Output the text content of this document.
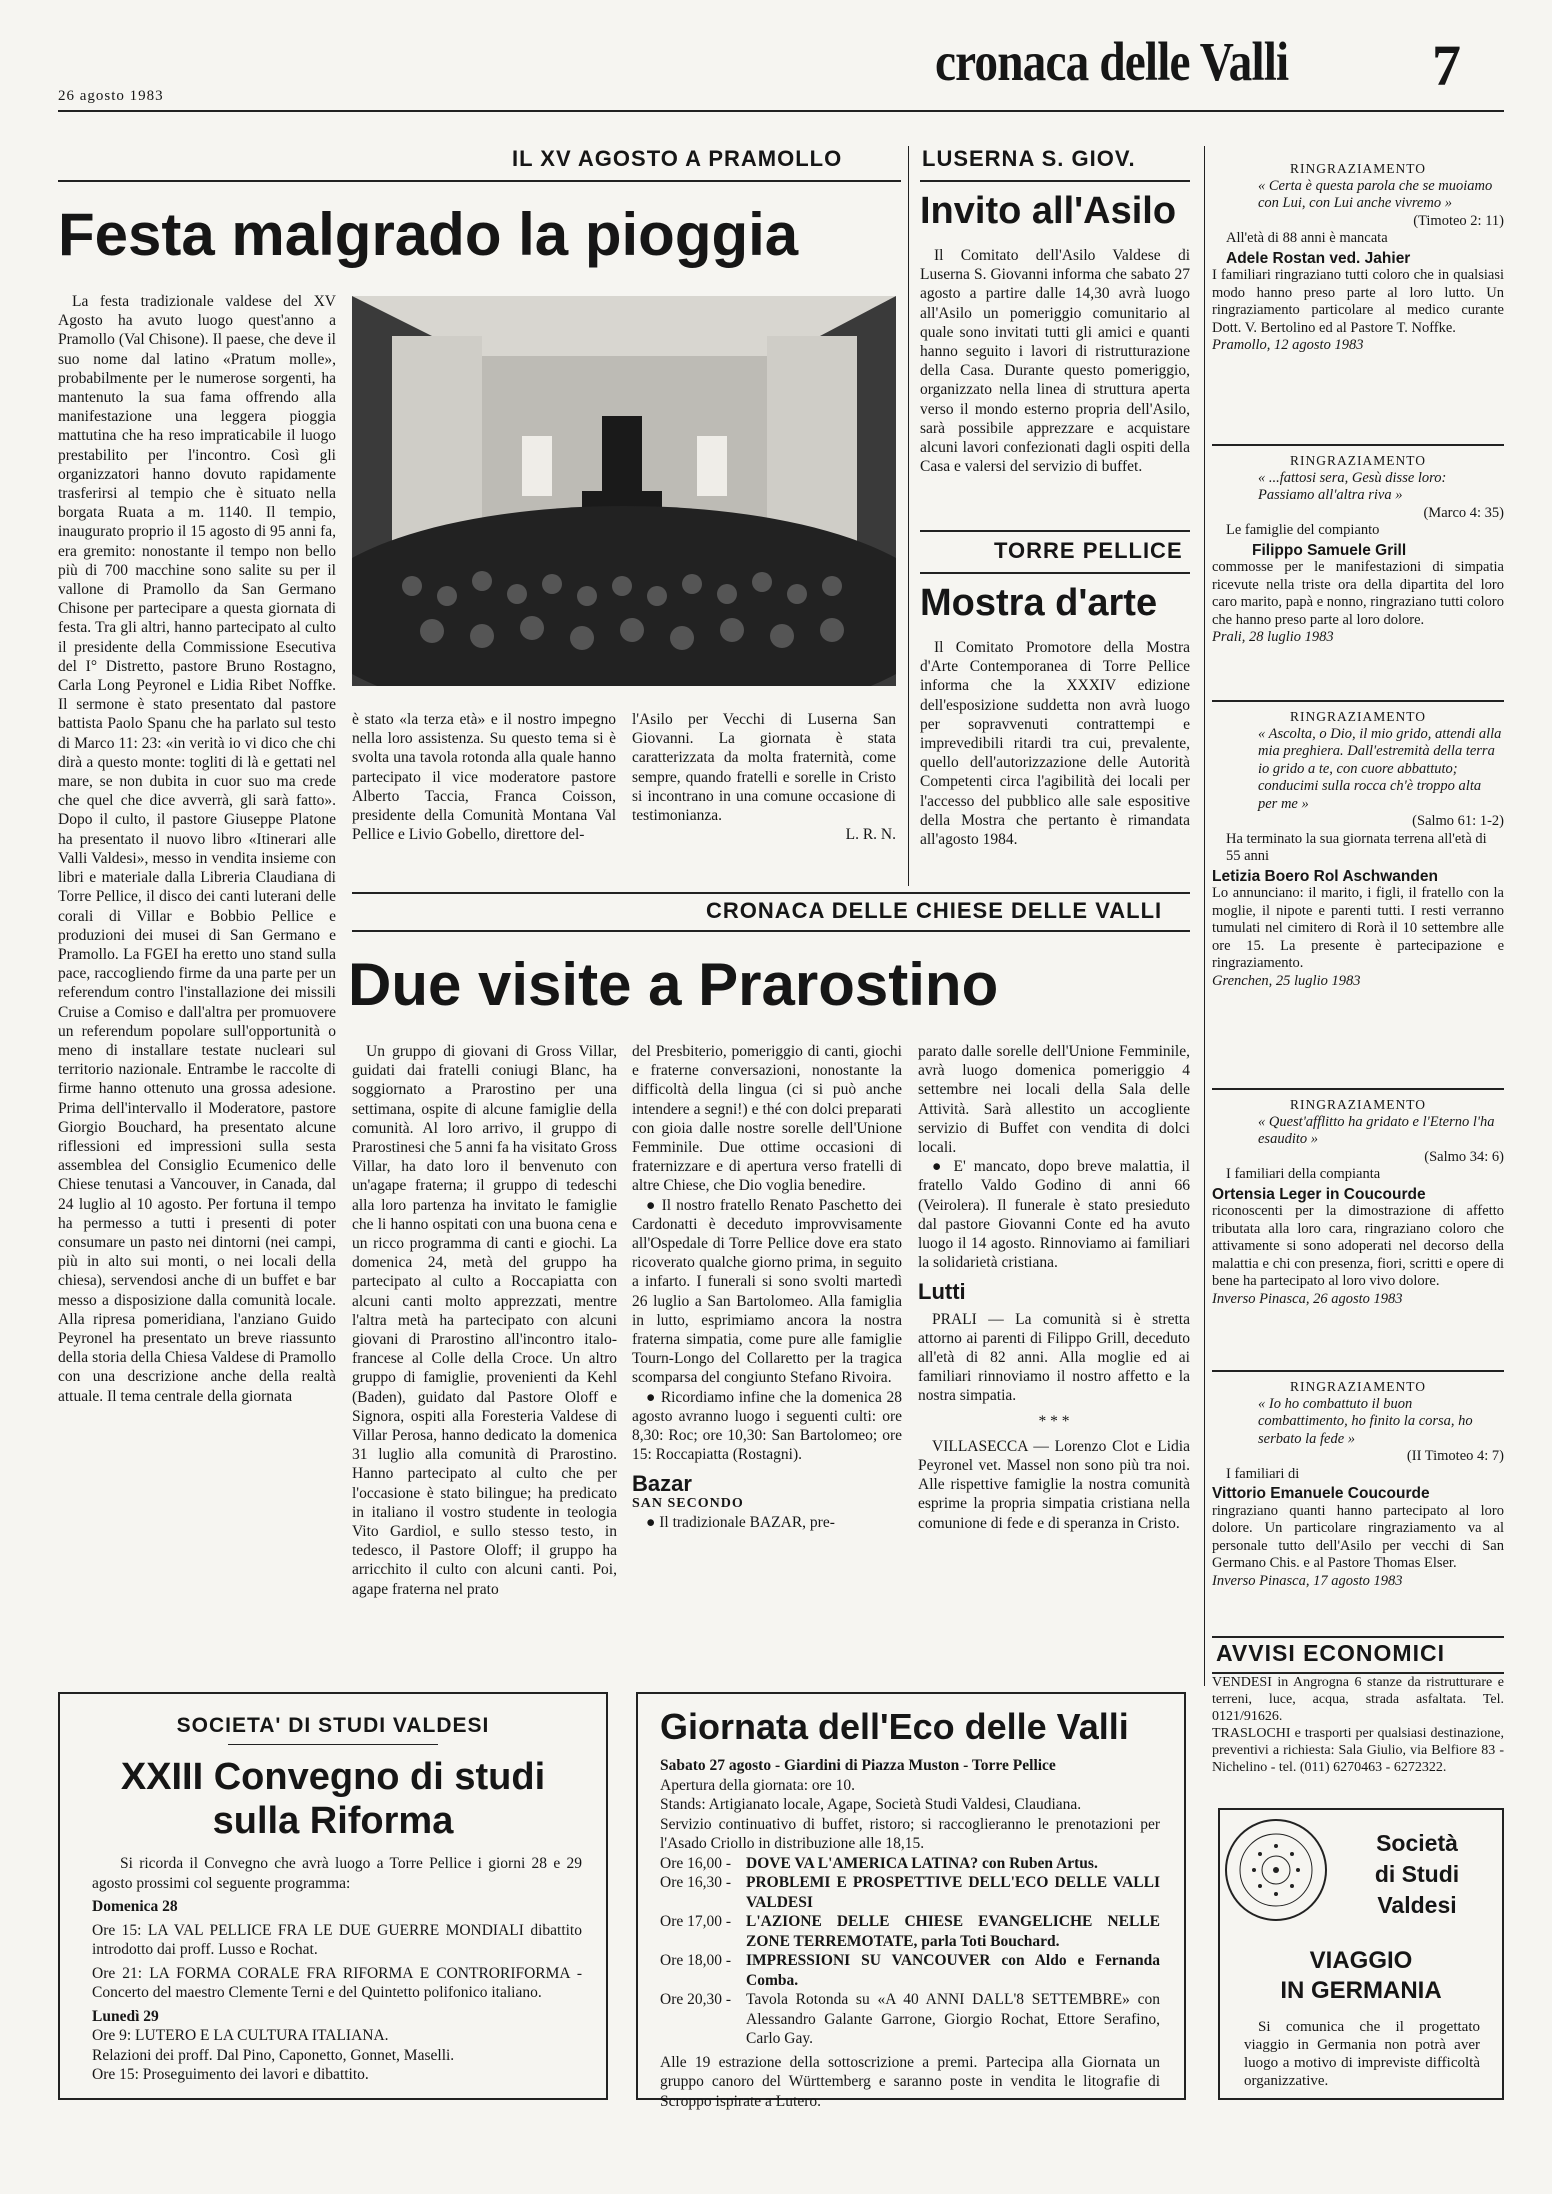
26 agosto 1983
cronaca delle Valli 7
IL XV AGOSTO A PRAMOLLO
Festa malgrado la pioggia

La festa tradizionale valdese del XV Agosto ha avuto luogo quest'anno a Pramollo (Val Chisone). Il paese, che deve il suo nome dal latino «Pratum molle», probabilmente per le numerose sorgenti, ha mantenuto la sua fama offrendo alla manifestazione una leggera pioggia mattutina che ha reso impraticabile il luogo prestabilito per l'incontro. Così gli organizzatori hanno dovuto rapidamente trasferirsi al tempio che è situato nella borgata Ruata a m. 1140. Il tempio, inaugurato proprio il 15 agosto di 95 anni fa, era gremito: nonostante il tempo non bello più di 700 macchine sono salite su per il vallone di Pramollo da San Germano Chisone per partecipare a questa giornata di festa. Tra gli altri, hanno partecipato al culto il presidente della Commissione Esecutiva del I° Distretto, pastore Bruno Rostagno, Carla Long Peyronel e Lidia Ribet Noffke. Il sermone è stato presentato dal pastore battista Paolo Spanu che ha parlato sul testo di Marco 11: 23: «in verità io vi dico che chi dirà a questo monte: togliti di là e gettati nel mare, se non dubita in cuor suo ma crede che quel che dice avverrà, gli sarà fatto». Dopo il culto, il pastore Giuseppe Platone ha presentato il nuovo libro «Itinerari alle Valli Valdesi», messo in vendita insieme con libri e materiale dalla Libreria Claudiana di Torre Pellice, il disco dei canti luterani delle corali di Villar e Bobbio Pellice e produzioni dei musei di San Germano e Pramollo. La FGEI ha eretto uno stand sulla pace, raccogliendo firme da una parte per un referendum contro l'installazione dei missili Cruise a Comiso e dall'altra per promuovere un referendum popolare sull'opportunità o meno di installare testate nucleari sul territorio nazionale. Entrambe le raccolte di firme hanno ottenuto una grossa adesione. Prima dell'intervallo il Moderatore, pastore Giorgio Bouchard, ha presentato alcune riflessioni ed impressioni sulla sesta assemblea del Consiglio Ecumenico delle Chiese tenutasi a Vancouver, in Canada, dal 24 luglio al 10 agosto. Per fortuna il tempo ha permesso a tutti i presenti di poter consumare un pasto nei dintorni (nei campi, più in alto sui monti, o nei locali della chiesa), servendosi anche di un buffet e bar messo a disposizione dalla comunità locale. Alla ripresa pomeridiana, l'anziano Guido Peyronel ha presentato un breve riassunto della storia della Chiesa Valdese di Pramollo con una descrizione anche della realtà attuale. Il tema centrale della giornata

è stato «la terza età» e il nostro impegno nella loro assistenza. Su questo tema si è svolta una tavola rotonda alla quale hanno partecipato il vice moderatore pastore Alberto Taccia, Franca Coisson, presidente della Comunità Montana Val Pellice e Livio Gobello, direttore del-

l'Asilo per Vecchi di Luserna San Giovanni. La giornata è stata caratterizzata da molta fraternità, come sempre, quando fratelli e sorelle in Cristo si incontrano in una comune occasione di testimonianza.

L. R. N.
LUSERNA S. GIOV.
Invito all'Asilo

Il Comitato dell'Asilo Valdese di Luserna S. Giovanni informa che sabato 27 agosto a partire dalle 14,30 avrà luogo all'Asilo un pomeriggio comunitario al quale sono invitati tutti gli amici e quanti hanno seguito i lavori di ristrutturazione della Casa. Durante questo pomeriggio, organizzato nella linea di struttura aperta verso il mondo esterno propria dell'Asilo, sarà possibile apprezzare e acquistare alcuni lavori confezionati dagli ospiti della Casa e valersi del servizio di buffet.

TORRE PELLICE
Mostra d'arte

Il Comitato Promotore della Mostra d'Arte Contemporanea di Torre Pellice informa che la XXXIV edizione dell'esposizione suddetta non avrà luogo per sopravvenuti contrattempi e imprevedibili ritardi tra cui, prevalente, quello dell'autorizzazione delle Autorità Competenti circa l'agibilità dei locali per l'accesso del pubblico alle sale espositive della Mostra che pertanto è rimandata all'agosto 1984.

CRONACA DELLE CHIESE DELLE VALLI
Due visite a Prarostino

Un gruppo di giovani di Gross Villar, guidati dai fratelli coniugi Blanc, ha soggiornato a Prarostino per una settimana, ospite di alcune famiglie della comunità. Al loro arrivo, il gruppo di Prarostinesi che 5 anni fa ha visitato Gross Villar, ha dato loro il benvenuto con un'agape fraterna; il gruppo di tedeschi alla loro partenza ha invitato le famiglie che li hanno ospitati con una buona cena e un ricco programma di canti e giochi. La domenica 24, metà del gruppo ha partecipato al culto a Roccapiatta con alcuni canti molto apprezzati, mentre l'altra metà ha partecipato con alcuni giovani di Prarostino all'incontro italo-francese al Colle della Croce. Un altro gruppo di famiglie, provenienti da Kehl (Baden), guidato dal Pastore Oloff e Signora, ospiti alla Foresteria Valdese di Villar Perosa, hanno dedicato la domenica 31 luglio alla comunità di Prarostino. Hanno partecipato al culto che per l'occasione è stato bilingue; ha predicato in italiano il vostro studente in teologia Vito Gardiol, e sullo stesso testo, in tedesco, il Pastore Oloff; il gruppo ha arricchito il culto con alcuni canti. Poi, agape fraterna nel prato

del Presbiterio, pomeriggio di canti, giochi e fraterne conversazioni, nonostante la difficoltà della lingua (ci si può anche intendere a segni!) e thé con dolci preparati con gioia dalle nostre sorelle dell'Unione Femminile. Due ottime occasioni di fraternizzare e di apertura verso fratelli di altre Chiese, che Dio voglia benedire.

● Il nostro fratello Renato Paschetto dei Cardonatti è deceduto improvvisamente all'Ospedale di Torre Pellice dove era stato ricoverato qualche giorno prima, in seguito a infarto. I funerali si sono svolti martedì 26 luglio a San Bartolomeo. Alla famiglia in lutto, esprimiamo ancora la nostra fraterna simpatia, come pure alle famiglie Tourn-Longo del Collaretto per la tragica scomparsa del congiunto Stefano Rivoira.

● Ricordiamo infine che la domenica 28 agosto avranno luogo i seguenti culti: ore 8,30: Roc; ore 10,30: San Bartolomeo; ore 15: Roccapiatta (Rostagni).

Bazar
SAN SECONDO

● Il tradizionale BAZAR, pre-

parato dalle sorelle dell'Unione Femminile, avrà luogo domenica pomeriggio 4 settembre nei locali della Sala delle Attività. Sarà allestito un accogliente servizio di Buffet con vendita di dolci locali.

● E' mancato, dopo breve malattia, il fratello Valdo Godino di anni 66 (Veirolera). Il funerale è stato presieduto dal pastore Giovanni Conte ed ha avuto luogo il 14 agosto. Rinnoviamo ai familiari la solidarietà cristiana.

Lutti

PRALI — La comunità si è stretta attorno ai parenti di Filippo Grill, deceduto all'età di 82 anni. Alla moglie ed ai familiari rinnoviamo il nostro affetto e la nostra simpatia.

* * *

VILLASECCA — Lorenzo Clot e Lidia Peyronel vet. Massel non sono più tra noi. Alle rispettive famiglie la nostra comunità esprime la propria simpatia cristiana nella comunione di fede e di speranza in Cristo.

RINGRAZIAMENTO
« Certa è questa parola che se muoiamo con Lui, con Lui anche vivremo »
(Timoteo 2: 11)
All'età di 88 anni è mancata
Adele Rostan ved. Jahier

I familiari ringraziano tutti coloro che in qualsiasi modo hanno preso parte al loro lutto. Un ringraziamento particolare al medico curante Dott. V. Bertolino ed al Pastore T. Noffke.

Pramollo, 12 agosto 1983
RINGRAZIAMENTO
« ...fattosi sera, Gesù disse loro: Passiamo all'altra riva »
(Marco 4: 35)
Le famiglie del compianto
Filippo Samuele Grill

commosse per le manifestazioni di simpatia ricevute nella triste ora della dipartita del loro caro marito, papà e nonno, ringraziano tutti coloro che hanno preso parte al loro dolore.

Prali, 28 luglio 1983
RINGRAZIAMENTO
« Ascolta, o Dio, il mio grido, attendi alla mia preghiera. Dall'estremità della terra io grido a te, con cuore abbattuto; conducimi sulla rocca ch'è troppo alta per me »
(Salmo 61: 1-2)
Ha terminato la sua giornata terrena all'età di 55 anni
Letizia Boero Rol Aschwanden

Lo annunciano: il marito, i figli, il fratello con la moglie, il nipote e parenti tutti. I resti verranno tumulati nel cimitero di Rorà il 10 settembre alle ore 15. La presente è partecipazione e ringraziamento.

Grenchen, 25 luglio 1983
RINGRAZIAMENTO
« Quest'afflitto ha gridato e l'Eterno l'ha esaudito »
(Salmo 34: 6)
I familiari della compianta
Ortensia Leger in Coucourde

riconoscenti per la dimostrazione di affetto tributata alla loro cara, ringraziano coloro che attivamente si sono adoperati nel decorso della malattia e chi con presenza, fiori, scritti e opere di bene ha partecipato al loro vivo dolore.

Inverso Pinasca, 26 agosto 1983
RINGRAZIAMENTO
« Io ho combattuto il buon combattimento, ho finito la corsa, ho serbato la fede »
(II Timoteo 4: 7)
I familiari di
Vittorio Emanuele Coucourde

ringraziano quanti hanno partecipato al loro dolore. Un particolare ringraziamento va al personale tutto dell'Asilo per vecchi di San Germano Chis. e al Pastore Thomas Elser.

Inverso Pinasca, 17 agosto 1983
AVVISI ECONOMICI
VENDESI in Angrogna 6 stanze da ristrutturare e terreni, luce, acqua, strada asfaltata. Tel. 0121/91626.
TRASLOCHI e trasporti per qualsiasi destinazione, preventivi a richiesta: Sala Giulio, via Belfiore 83 - Nichelino - tel. (011) 6270463 - 6272322.
SOCIETA' DI STUDI VALDESI
XXIII Convegno di studi
sulla Riforma
Si ricorda il Convegno che avrà luogo a Torre Pellice i giorni 28 e 29 agosto prossimi col seguente programma:
Domenica 28
Ore 15: LA VAL PELLICE FRA LE DUE GUERRE MONDIALI dibattito introdotto dai proff. Lusso e Rochat.
Ore 21: LA FORMA CORALE FRA RIFORMA E CONTRORIFORMA - Concerto del maestro Clemente Terni e del Quintetto polifonico italiano.
Lunedì 29
Ore 9: LUTERO E LA CULTURA ITALIANA.
Relazioni dei proff. Dal Pino, Caponetto, Gonnet, Maselli.
Ore 15: Proseguimento dei lavori e dibattito.
Giornata dell'Eco delle Valli
Sabato 27 agosto - Giardini di Piazza Muston - Torre Pellice
Apertura della giornata: ore 10.
Stands: Artigianato locale, Agape, Società Studi Valdesi, Claudiana.
Servizio continuativo di buffet, ristoro; si raccoglieranno le prenotazioni per l'Asado Criollo in distribuzione alle 18,15.
Ore 16,00 - DOVE VA L'AMERICA LATINA? con Ruben Artus.
Ore 16,30 - PROBLEMI E PROSPETTIVE DELL'ECO DELLE VALLI VALDESI
Ore 17,00 - L'AZIONE DELLE CHIESE EVANGELICHE NELLE ZONE TERREMOTATE, parla Toti Bouchard.
Ore 18,00 - IMPRESSIONI SU VANCOUVER con Aldo e Fernanda Comba.
Ore 20,30 - Tavola Rotonda su «A 40 ANNI DALL'8 SETTEMBRE» con Alessandro Galante Garrone, Giorgio Rochat, Ettore Serafino, Carlo Gay.
Alle 19 estrazione della sottoscrizione a premi. Partecipa alla Giornata un gruppo canoro del Württemberg e saranno poste in vendita le litografie di Scroppo ispirate a Lutero.
Società
di Studi
Valdesi
VIAGGIO
IN GERMANIA
Si comunica che il progettato viaggio in Germania non potrà aver luogo a motivo di impreviste difficoltà organizzative.
